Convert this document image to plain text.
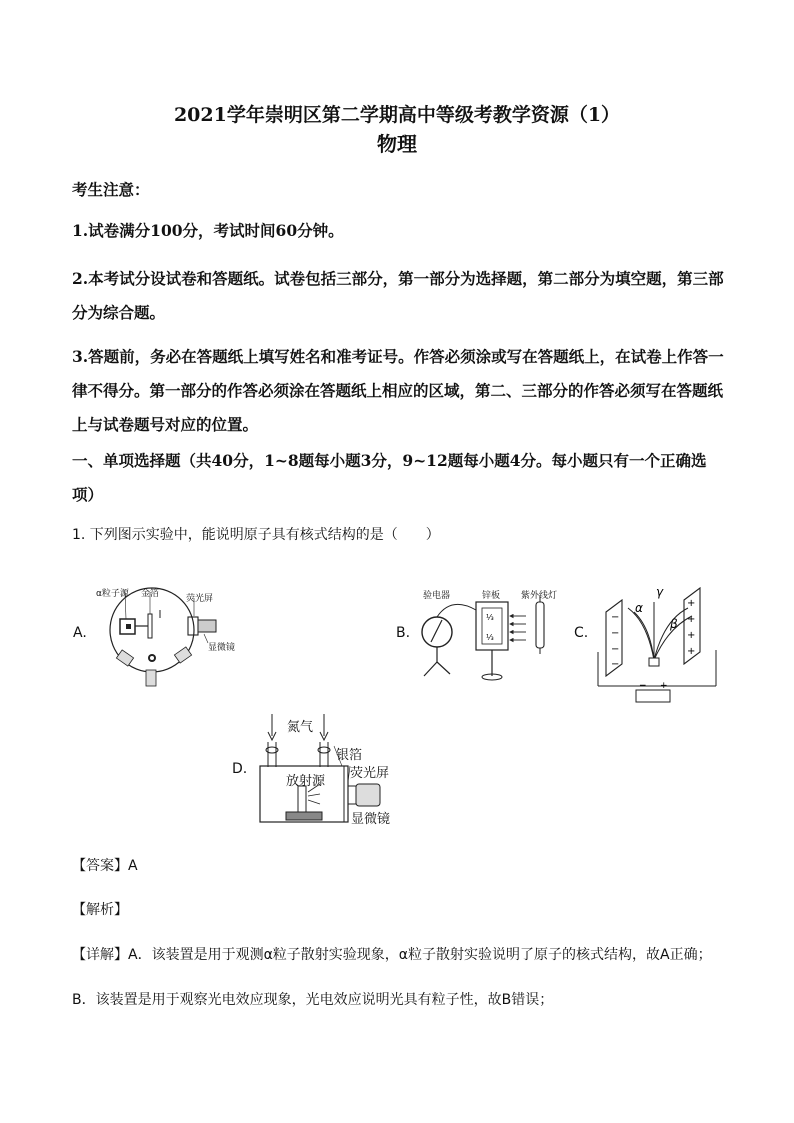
2021学年崇明区第二学期高中等级考教学资源（1）
物理
考生注意：
1.试卷满分100分，考试时间60分钟。
2.本考试分设试卷和答题纸。试卷包括三部分，第一部分为选择题，第二部分为填空题，第三部分为综合题。
3.答题前，务必在答题纸上填写姓名和准考证号。作答必须涂或写在答题纸上，在试卷上作答一律不得分。第一部分的作答必须涂在答题纸上相应的区域，第二、三部分的作答必须写在答题纸上与试卷题号对应的位置。
一、单项选择题（共40分，1~8题每小题3分，9~12题每小题4分。每小题只有一个正确选项）
1. 下列图示实验中，能说明原子具有核式结构的是（　　）
A.	B.	C.
D.
α粒子源 金箔	荧光屏
显微镜
⅓
⅓
验电器	锌板 紫外线灯
−
−
−
−
+
+
+
+
α
γ
β
− +
氮气
银箔
荧光屏
放射源
显微镜
【答案】A
【解析】
【详解】A．该装置是用于观测α粒子散射实验现象，α粒子散射实验说明了原子的核式结构，故A正确；
B．该装置是用于观察光电效应现象，光电效应说明光具有粒子性，故B错误；
